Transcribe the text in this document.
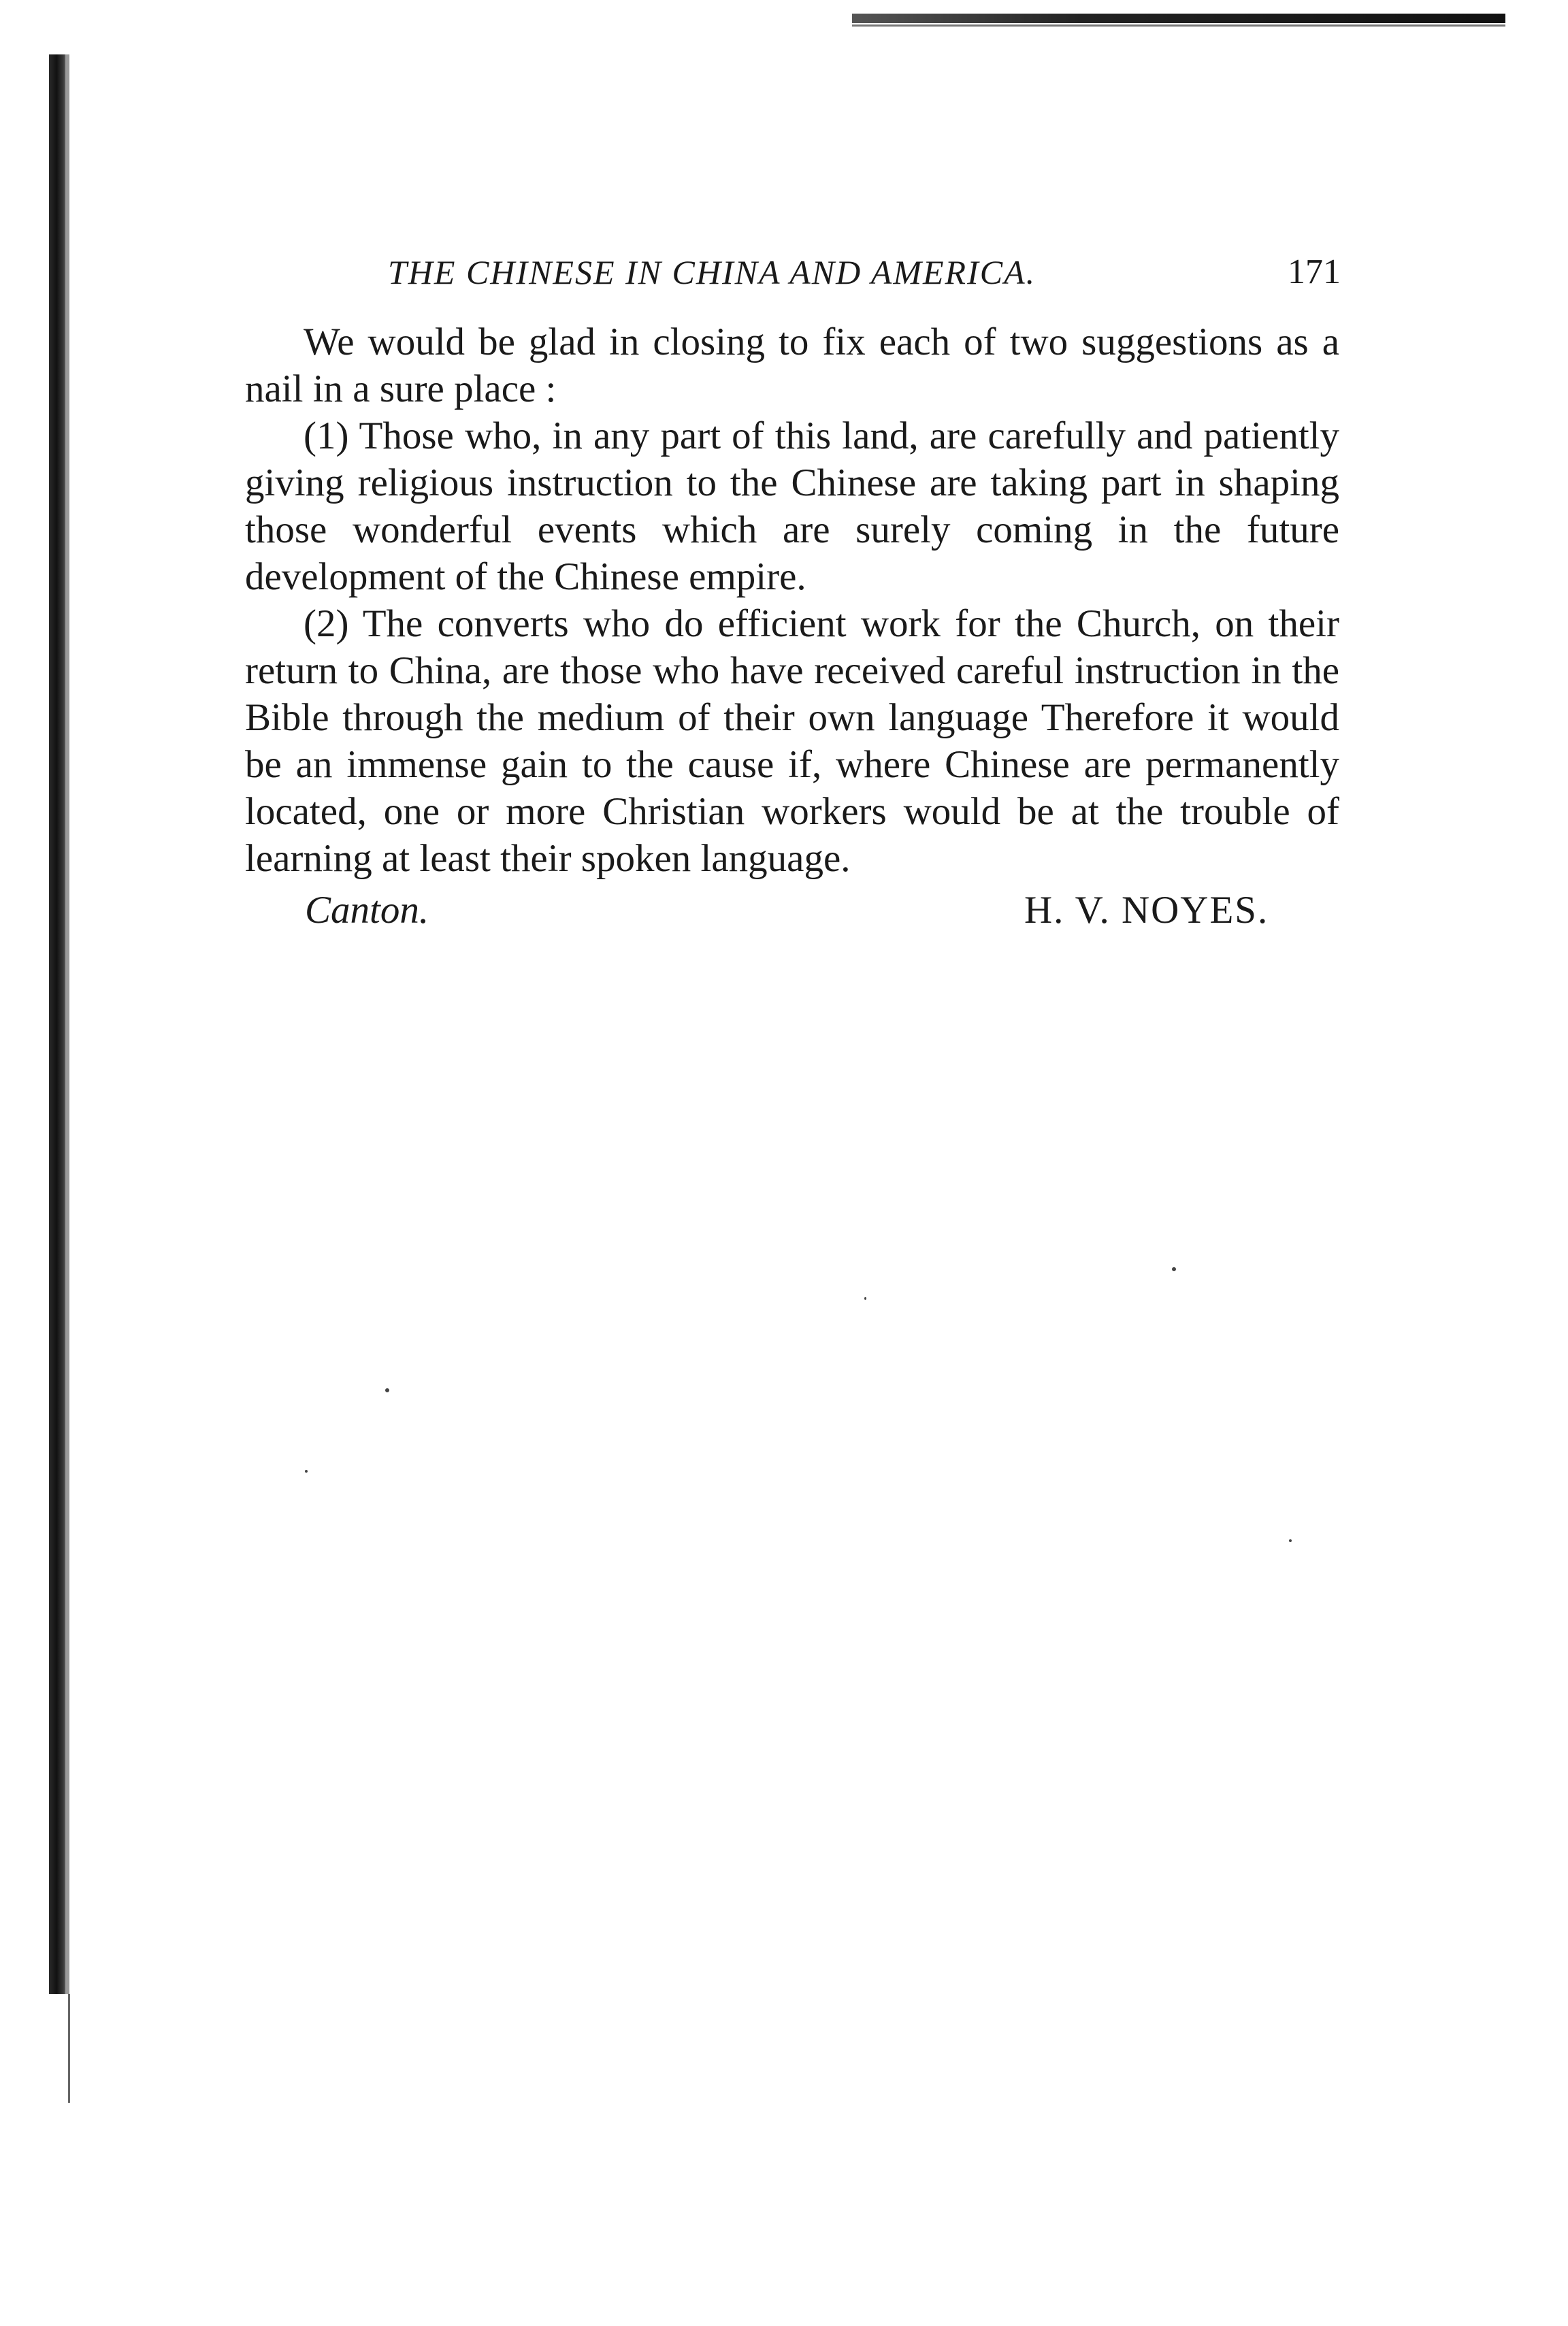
THE CHINESE IN CHINA AND AMERICA.	171

We would be glad in closing to fix each of two suggestions as a nail in a sure place :

(1) Those who, in any part of this land, are carefully and patiently giving religious instruction to the Chinese are taking part in shaping those wonderful events which are surely coming in the future development of the Chinese empire.

(2) The converts who do efficient work for the Church, on their return to China, are those who have received careful instruction in the Bible through the medium of their own language Therefore it would be an immense gain to the cause if, where Chinese are permanently located, one or more Christian workers would be at the trouble of learning at least their spoken language.

Canton.	H. V. NOYES.
